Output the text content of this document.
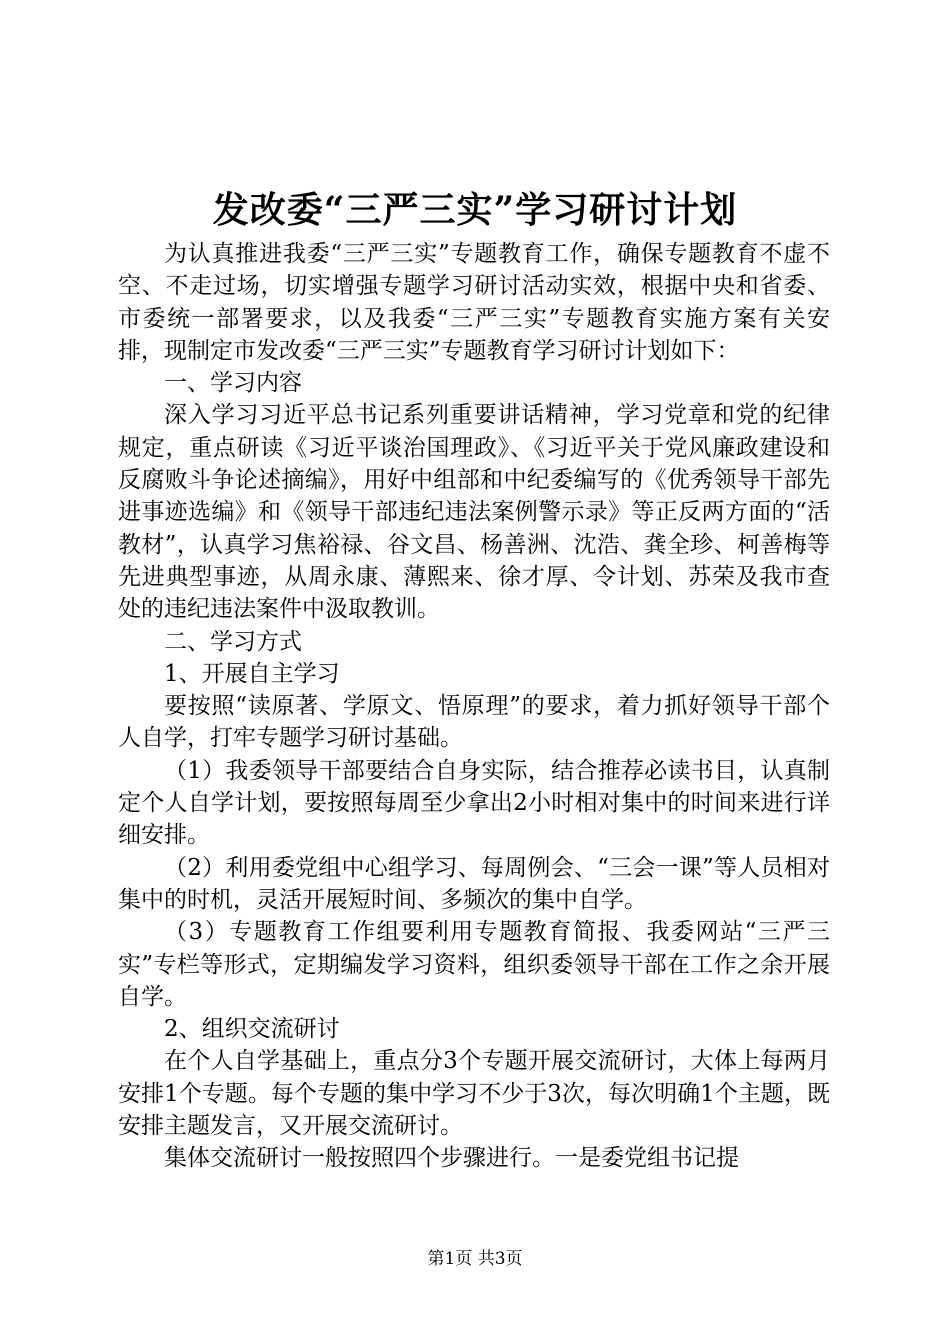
发改委“三严三实”学习研讨计划

为认真推进我委“三严三实”专题教育工作，确保专题教育不虚不空、不走过场，切实增强专题学习研讨活动实效，根据中央和省委、市委统一部署要求，以及我委“三严三实”专题教育实施方案有关安排，现制定市发改委“三严三实”专题教育学习研讨计划如下：

一、学习内容

深入学习习近平总书记系列重要讲话精神，学习党章和党的纪律规定，重点研读《习近平谈治国理政》、《习近平关于党风廉政建设和反腐败斗争论述摘编》，用好中组部和中纪委编写的《优秀领导干部先进事迹选编》和《领导干部违纪违法案例警示录》等正反两方面的“活教材”，认真学习焦裕禄、谷文昌、杨善洲、沈浩、龚全珍、柯善梅等先进典型事迹，从周永康、薄熙来、徐才厚、令计划、苏荣及我市查处的违纪违法案件中汲取教训。

二、学习方式

1、开展自主学习

要按照“读原著、学原文、悟原理”的要求，着力抓好领导干部个人自学，打牢专题学习研讨基础。

（1）我委领导干部要结合自身实际，结合推荐必读书目，认真制定个人自学计划，要按照每周至少拿出2小时相对集中的时间来进行详细安排。

（2）利用委党组中心组学习、每周例会、“三会一课”等人员相对集中的时机，灵活开展短时间、多频次的集中自学。

（3）专题教育工作组要利用专题教育简报、我委网站“三严三实”专栏等形式，定期编发学习资料，组织委领导干部在工作之余开展自学。

2、组织交流研讨

在个人自学基础上，重点分3个专题开展交流研讨，大体上每两月安排1个专题。每个专题的集中学习不少于3次，每次明确1个主题，既安排主题发言，又开展交流研讨。

集体交流研讨一般按照四个步骤进行。一是委党组书记提

第1页 共3页
